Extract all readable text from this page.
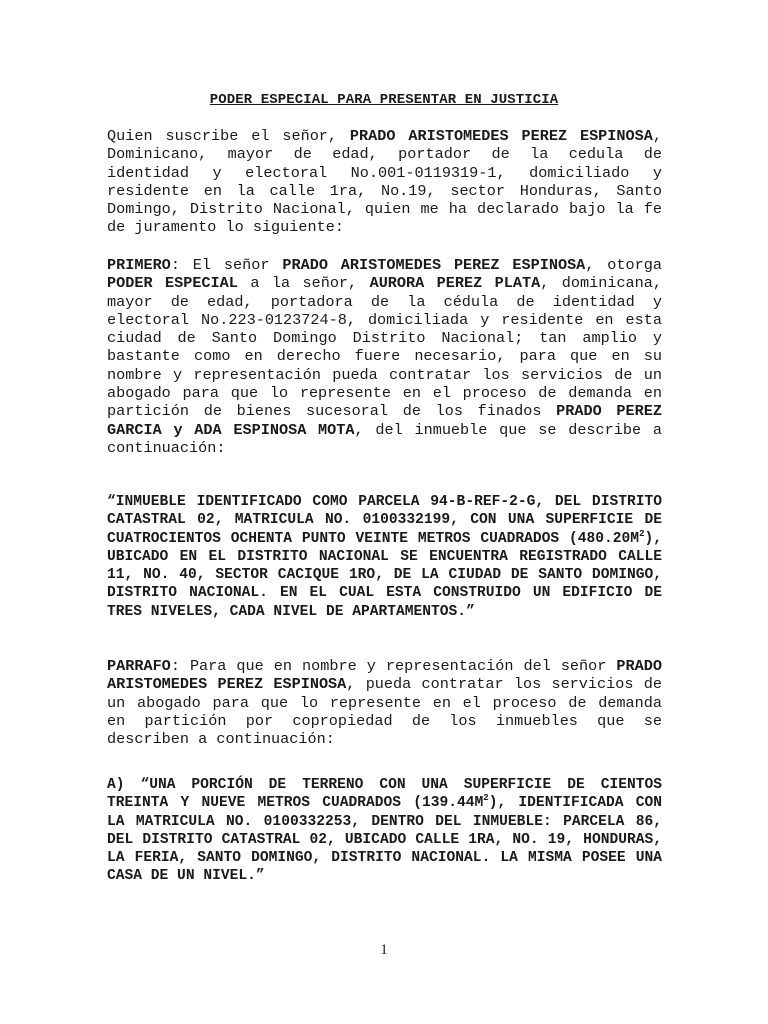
PODER ESPECIAL PARA PRESENTAR EN JUSTICIA

Quien suscribe el señor, PRADO ARISTOMEDES PEREZ ESPINOSA, Dominicano, mayor de edad, portador de la cedula de identidad y electoral No.001-0119319-1, domiciliado y residente en la calle 1ra, No.19, sector Honduras, Santo Domingo, Distrito Nacional, quien me ha declarado bajo la fe de juramento lo siguiente:

PRIMERO: El señor PRADO ARISTOMEDES PEREZ ESPINOSA, otorga PODER ESPECIAL a la señor, AURORA PEREZ PLATA, dominicana, mayor de edad, portadora de la cédula de identidad y electoral No.223-0123724-8, domiciliada y residente en esta ciudad de Santo Domingo Distrito Nacional; tan amplio y bastante como en derecho fuere necesario, para que en su nombre y representación pueda contratar los servicios de un abogado para que lo represente en el proceso de demanda en partición de bienes sucesoral de los finados PRADO PEREZ GARCIA y ADA ESPINOSA MOTA, del inmueble que se describe a continuación:

“INMUEBLE IDENTIFICADO COMO PARCELA 94-B-REF-2-G, DEL DISTRITO CATASTRAL 02, MATRICULA NO. 0100332199, CON UNA SUPERFICIE DE CUATROCIENTOS OCHENTA PUNTO VEINTE METROS CUADRADOS $(480.20M^2)$, UBICADO EN EL DISTRITO NACIONAL SE ENCUENTRA REGISTRADO CALLE 11, NO. 40, SECTOR CACIQUE 1RO, DE LA CIUDAD DE SANTO DOMINGO, DISTRITO NACIONAL. EN EL CUAL ESTA CONSTRUIDO UN EDIFICIO DE TRES NIVELES, CADA NIVEL DE APARTAMENTOS.”

PARRAFO: Para que en nombre y representación del señor PRADO ARISTOMEDES PEREZ ESPINOSA, pueda contratar los servicios de un abogado para que lo represente en el proceso de demanda en partición por copropiedad de los inmuebles que se describen a continuación:

A) “UNA PORCIÓN DE TERRENO CON UNA SUPERFICIE DE CIENTOS TREINTA Y NUEVE METROS CUADRADOS $(139.44M^2)$, IDENTIFICADA CON LA MATRICULA NO. 0100332253, DENTRO DEL INMUEBLE: PARCELA 86, DEL DISTRITO CATASTRAL 02, UBICADO CALLE 1RA, NO. 19, HONDURAS, LA FERIA, SANTO DOMINGO, DISTRITO NACIONAL. LA MISMA POSEE UNA CASA DE UN NIVEL.”

1
